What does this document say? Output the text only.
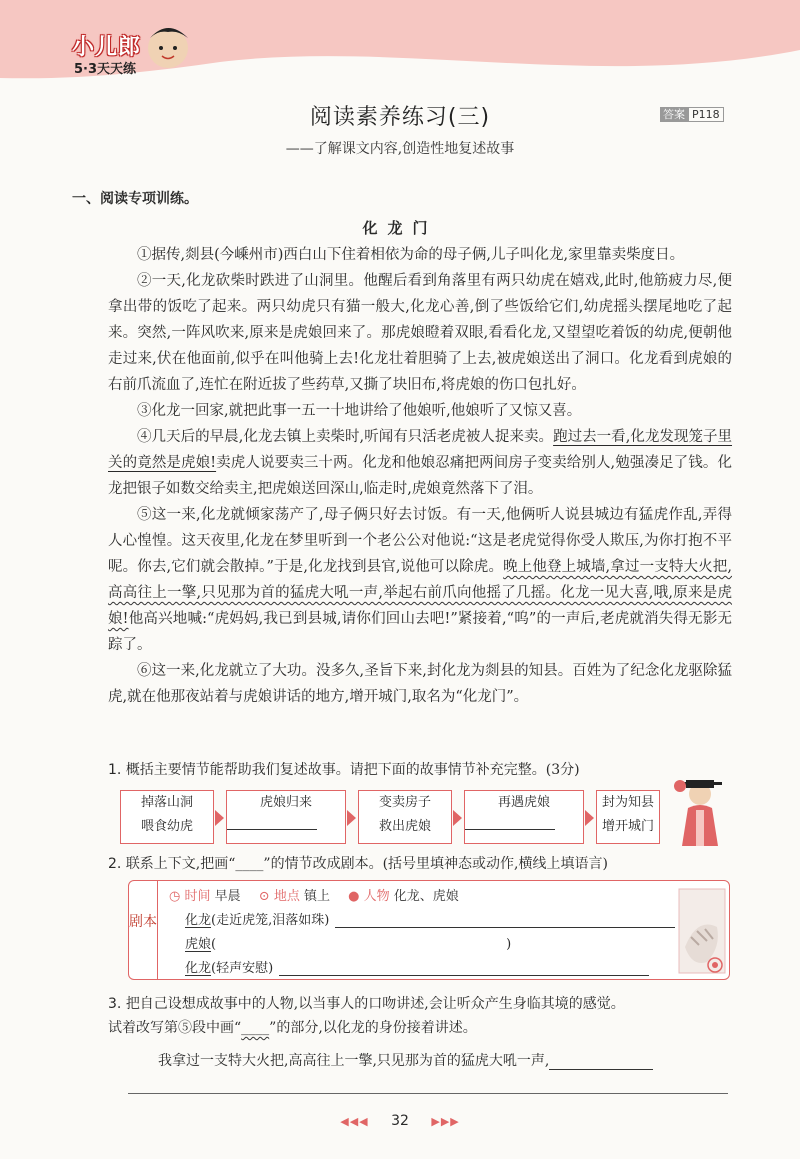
小儿郎
5·3天天练
阅读素养练习(三)	答案 P118
——了解课文内容,创造性地复述故事
一、阅读专项训练。
化龙门

①据传,剡县(今嵊州市)西白山下住着相依为命的母子俩,儿子叫化龙,家里靠卖柴度日。

②一天,化龙砍柴时跌进了山洞里。他醒后看到角落里有两只幼虎在嬉戏,此时,他筋疲力尽,便拿出带的饭吃了起来。两只幼虎只有猫一般大,化龙心善,倒了些饭给它们,幼虎摇头摆尾地吃了起来。突然,一阵风吹来,原来是虎娘回来了。那虎娘瞪着双眼,看看化龙,又望望吃着饭的幼虎,便朝他走过来,伏在他面前,似乎在叫他骑上去!化龙壮着胆骑了上去,被虎娘送出了洞口。化龙看到虎娘的右前爪流血了,连忙在附近拔了些药草,又撕了块旧布,将虎娘的伤口包扎好。

③化龙一回家,就把此事一五一十地讲给了他娘听,他娘听了又惊又喜。

④几天后的早晨,化龙去镇上卖柴时,听闻有只活老虎被人捉来卖。跑过去一看,化龙发现笼子里关的竟然是虎娘!卖虎人说要卖三十两。化龙和他娘忍痛把两间房子变卖给别人,勉强凑足了钱。化龙把银子如数交给卖主,把虎娘送回深山,临走时,虎娘竟然落下了泪。

⑤这一来,化龙就倾家荡产了,母子俩只好去讨饭。有一天,他俩听人说县城边有猛虎作乱,弄得人心惶惶。这天夜里,化龙在梦里听到一个老公公对他说:“这是老虎觉得你受人欺压,为你打抱不平呢。你去,它们就会散掉。”于是,化龙找到县官,说他可以除虎。晚上他登上城墙,拿过一支特大火把,高高往上一擎,只见那为首的猛虎大吼一声,举起右前爪向他摇了几摇。化龙一见大喜,哦,原来是虎娘!他高兴地喊:“虎妈妈,我已到县城,请你们回山去吧!”紧接着,“呜”的一声后,老虎就消失得无影无踪了。

⑥这一来,化龙就立了大功。没多久,圣旨下来,封化龙为剡县的知县。百姓为了纪念化龙驱除猛虎,就在他那夜站着与虎娘讲话的地方,增开城门,取名为“化龙门”。

1. 概括主要情节能帮助我们复述故事。请把下面的故事情节补充完整。(3分)
掉落山洞
喂食幼虎
虎娘归来	变卖房子
救出虎娘
再遇虎娘	封为知县
增开城门
2. 联系上下文,把画“____”的情节改成剧本。(括号里填神态或动作,横线上填语言)
剧本
◷ 时间 早晨 ⊙ 地点 镇上 ● 人物 化龙、虎娘
化龙(走近虎笼,泪落如珠)
虎娘(	)
化龙(轻声安慰)
3. 把自己设想成故事中的人物,以当事人的口吻讲述,会让听众产生身临其境的感觉。
试着改写第⑤段中画“____”的部分,以化龙的身份接着讲述。
我拿过一支特大火把,高高往上一擎,只见那为首的猛虎大吼一声,
◀◀◀ 32 ▶▶▶
